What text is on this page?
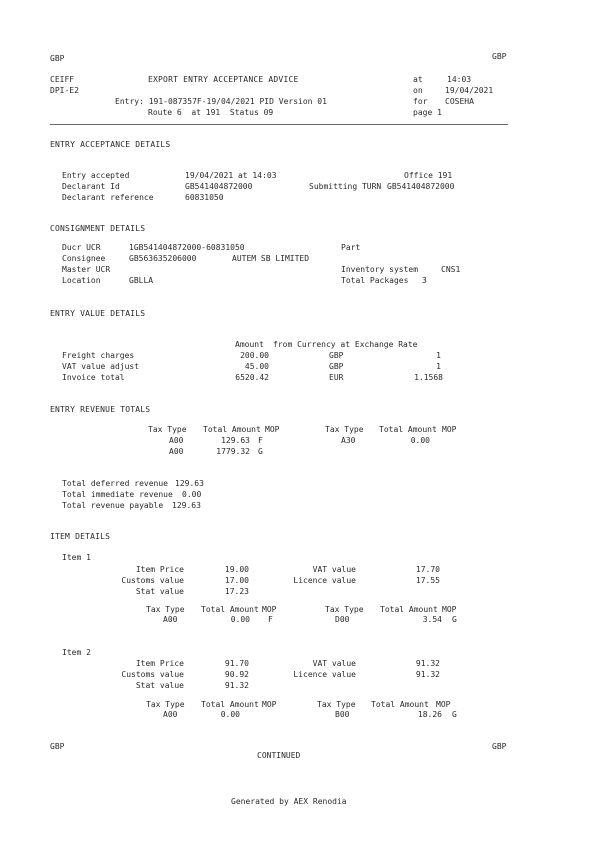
GBP	GBP
CEIFF
DPI-E2
EXPORT ENTRY ACCEPTANCE ADVICE
Entry: 191-087357F-19/04/2021 PID Version 01
Route 6  at 191  Status 09
at	14:03
on	19/04/2021
for COSEHA
page 1
ENTRY ACCEPTANCE DETAILS
Entry accepted	19/04/2021 at 14:03	Office 191
Declarant Id	GB541404872000	Submitting TURN GB541404872000
Declarant reference	60831050
CONSIGNMENT DETAILS
Ducr UCR	1GB541404872000-60831050	Part
Consignee	GB563635206000	AUTEM SB LIMITED
Master UCR	Inventory system	CNS1
Location	GBLLA	Total Packages 3
ENTRY VALUE DETAILS
Amount from Currency at Exchange Rate
Freight charges	200.00	GBP	1
VAT value adjust	45.00	GBP	1
Invoice total	6520.42	EUR	1.1568
ENTRY REVENUE TOTALS
Tax Type Total Amount MOP	Tax Type Total Amount MOP
A00	129.63 F	A30	0.00
A00	1779.32 G
Total deferred revenue 129.63
Total immediate revenue 0.00
Total revenue payable 129.63
ITEM DETAILS
Item 1
Item Price	19.00	VAT value	17.70
Customs value	17.00	Licence value	17.55
Stat value	17.23
Tax Type Total Amount MOP	Tax Type Total Amount MOP
A00	0.00 F	D00	3.54 G
Item 2
Item Price	91.70	VAT value	91.32
Customs value	90.92	Licence value	91.32
Stat value	91.32
Tax Type Total Amount MOP	Tax Type Total Amount MOP
A00	0.00	B00	18.26 G
GBP	GBP
CONTINUED
Generated by AEX Renodia
